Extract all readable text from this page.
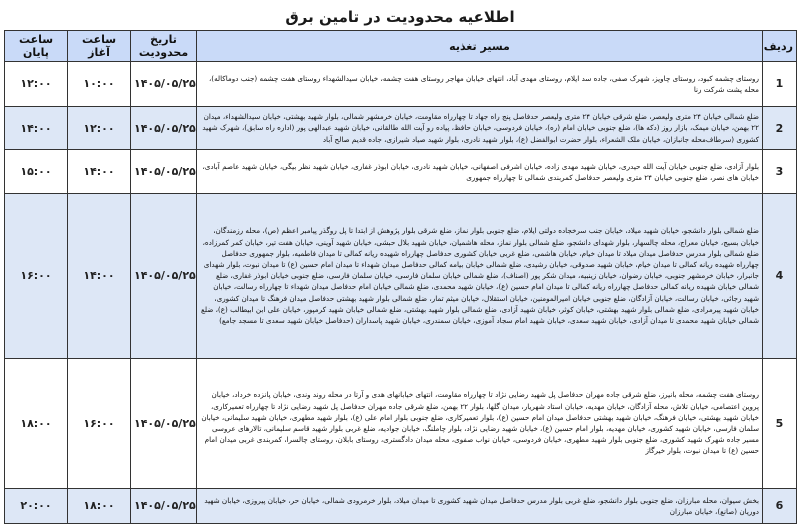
اطلاعیه محدودیت در تامین برق
ردیف	مسیر تغذیه	تاریخ محدودیت	ساعت آغاز	ساعت پایان
1	روستای چشمه کبود، روستای چاویز، شهرک صفی، جاده سد ایلام، روستای مهدی آباد، انتهای خیابان مهاجر روستای هفت چشمه، خیابان سیدالشهداء روستای هفت چشمه (جنب دوماکاله)، محله پشت شرکت رنا	۱۴۰۵/۰۵/۲۵	۱۰:۰۰	۱۲:۰۰
2	ضلع شمالی خیابان ۲۴ متری ولیعصر، ضلع شرقی خیابان ۲۴ متری ولیعصر حدفاصل پنج راه جهاد تا چهارراه مقاومت، خیابان خرمشهر شمالی، بلوار شهید بهشتی، خیابان سیدالشهداء، میدان ۲۲ بهمن، خیابان میمک، بازار روز (دکه ها)، ضلع جنوبی خیابان امام (ره)، خیابان فردوسی، خیابان حافظ، پیاده رو آیت الله طالقانی، خیابان شهید عبدالهی پور (اداره راه سابق)، شهرک شهید کشوری (سرطاف‌محله جانبازان، خیابان ملک الشعراء، بلوار حضرت ابوالفضل (ع)، بلوار شهید نادری، بلوار شهید صیاد شیرازی، جاده قدیم صالح آباد	۱۴۰۵/۰۵/۲۵	۱۲:۰۰	۱۴:۰۰
3	بلوار آزادی، ضلع جنوبی خیابان آیت الله حیدری، خیابان شهید مهدی زاده، خیابان اشرفی اصفهانی، خیابان شهید نادری، خیابان ابوذر غفاری، خیابان شهید نظر بیگی، خیابان شهید عاصم آبادی، خیابان های نصر، ضلع جنوبی خیابان ۲۴ متری ولیعصر حدفاصل کمربندی شمالی تا چهارراه جمهوری	۱۴۰۵/۰۵/۲۵	۱۴:۰۰	۱۵:۰۰
4	ضلع شمالی بلوار دانشجو، خیابان شهید میلاد، خیابان جنب سرخجاده دولتی ایلام، ضلع جنوبی بلوار نماز، ضلع شرقی بلوار پژوهش از ابتدا تا پل روگذر پیامبر اعظم (ص)، محله رزمندگان، خیابان بسیج، خیابان معراج، محله چالسهار، بلوار شهدای دانشجو، ضلع شمالی بلوار نماز، محله هاشمیان، خیابان شهید بلال حبشی، خیابان شهید آوینی، خیابان هفت تیر، خیابان کمر کمرزاده، ضلع شمالی بلوار مدرس حدفاصل میدان میلاد تا میدان خیام، خیابان هاشمی، ضلع غربی خیابان کشوری حدفاصل چهارراه شهیده ریانه کمالی تا میدان فاطمیه، بلوار جمهوری حدفاصل چهارراه شهیده ریانه کمالی تا میدان خیام، خیابان شهید صدوقی، خیابان رشیدی، ضلع شمالی خیابان بیامه کمالی حدفاصل میدان شهداء تا میدان امام حسین (ع) تا میدان نبوت، بلوار شهدای جانبرار، خیابان خرمشهر جنوبی، خیابان رضوان، خیابان زینبیه، میدان شکر پور (اصناف)، ضلع شمالی خیابان سلمان فارسی، خیابان سلمان فارسی، ضلع جنوبی خیابان ابوذر غفاری، ضلع شمالی خیابان شهیده ریانه کمالی حدفاصل چهارراه ریانه کمالی تا میدان امام حسین (ع)، خیابان شهید محمدی، ضلع شمالی خیابان امام حدفاصل میدان شهداء تا چهارراه رسالت، خیابان شهید رجائی، خیابان رسالت، خیابان آزادگان، ضلع جنوبی خیابان امیرالمومنین، خیابان استقلال، خیابان میثم تمار، ضلع شمالی بلوار شهید بهشتی حدفاصل میدان فرهنگ تا میدان کشوری، خیابان شهید پیرمرادی، ضلع شمالی بلوار شهید بهشتی، خیابان کوثر، خیابان شهید آزادی، ضلع شمالی بلوار شهید بهشتی، ضلع شمالی خیابان شهید کرمپور، خیابان علی ابن ابیطالب (ع)، ضلع شمالی خیابان شهید محمدی تا میدان آزادی، خیابان شهید سعدی، خیابان شهید امام سجاد آموزی، خیابان سمندری، خیابان شهید پاسداران (حدفاصل خیابان شهید سعدی تا مسجد جامع)	۱۴۰۵/۰۵/۲۵	۱۴:۰۰	۱۶:۰۰
5	روستای هفت چشمه، محله بانیرز، ضلع شرقی جاده مهران حدفاصل پل شهید رضایی نژاد تا چهارراه مقاومت، انتهای خیابانهای هدی و آرتا در محله روند وندی، خیابان پانزده خرداد، خیابان پروین اعتصامی، خیابان تلاش، محله آزادگان، خیابان مهدیه، خیابان استاد شهریار، میدان گلها، بلوار ۲۲ بهمن، ضلع شرقی جاده مهران حدفاصل پل شهید رضایی نژاد تا چهارراه تعمیرکاری، خیابان شهید بهشتی، خیابان فرهنگ، خیابان شهید بهشتی حدفاصل میدان امام حسین (ع)، بلوار تعمیرکاری، ضلع جنوبی بلوار امام علی (ع)، بلوار شهید مطهری، خیابان شهید سلیمانی، خیابان سلمان فارسی، خیابان شهید کشوری، خیابان مهدیه، بلوار امام حسین (ع)، خیابان شهید رضایی نژاد، بلوار چاملنگ، خیابان جوادیه، ضلع غربی بلوار شهید قاسم سلیمانی، تالارهای عروسی مسیر جاده شهرک شهید کشوری، ضلع جنوبی بلوار شهید مطهری، خیابان فردوسی، خیابان نواب صفوی، محله میدان دادگستری، روستای بابلان، روستای چالسرا، کمربندی غربی میدان امام حسین (ع) تا میدان نبوت، بلوار خیرگاز	۱۴۰۵/۰۵/۲۵	۱۶:۰۰	۱۸:۰۰
6	بخش سیوان، محله مبارزان، ضلع جنوبی بلوار دانشجو، ضلع غربی بلوار مدرس حدفاصل میدان شهید کشوری تا میدان میلاد، بلوار خرمرودی شمالی، خیابان حر، خیابان پیروزی، خیابان شهید دوریان (صانع)، خیابان مبارزان	۱۴۰۵/۰۵/۲۵	۱۸:۰۰	۲۰:۰۰
